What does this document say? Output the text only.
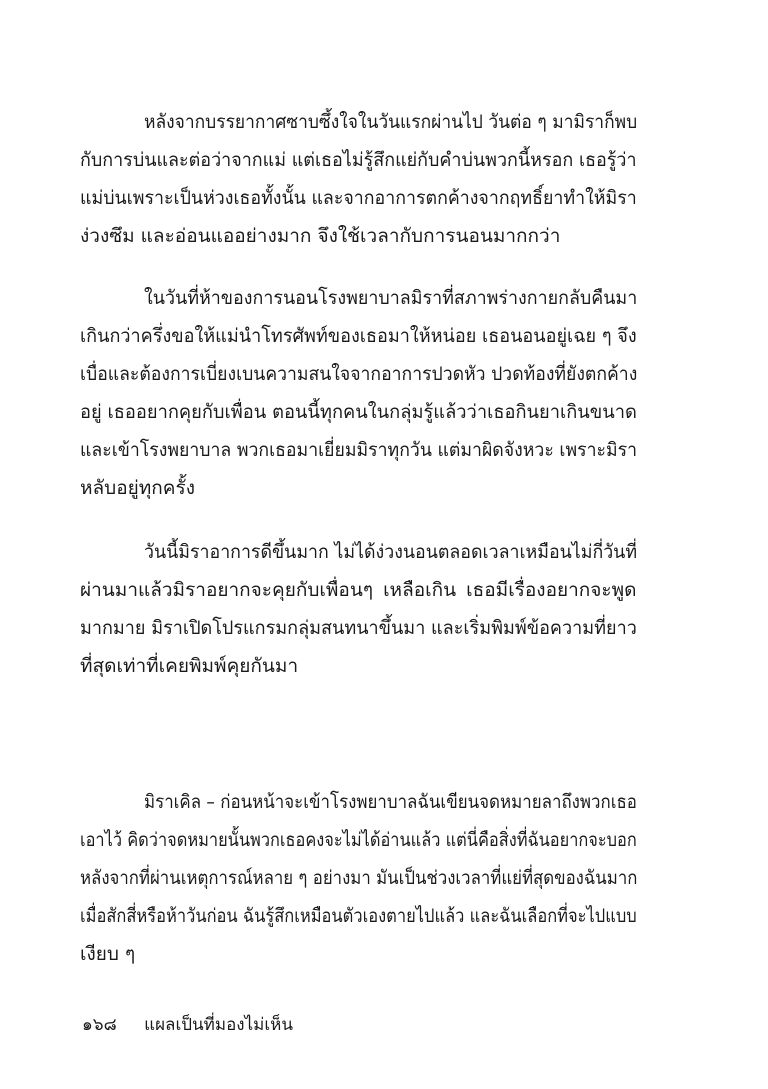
หลังจากบรรยากาศซาบซึ้งใจในวันแรกผ่านไป วันต่อ ๆ มามิราก็พบ

กับการบ่นและต่อว่าจากแม่ แต่เธอไม่รู้สึกแย่กับคำบ่นพวกนี้หรอก เธอรู้ว่า

แม่บ่นเพราะเป็นห่วงเธอทั้งนั้น และจากอาการตกค้างจากฤทธิ์ยาทำให้มิรา

ง่วงซึม และอ่อนแออย่างมาก จึงใช้เวลากับการนอนมากกว่า

ในวันที่ห้าของการนอนโรงพยาบาลมิราที่สภาพร่างกายกลับคืนมา

เกินกว่าครึ่งขอให้แม่นำโทรศัพท์ของเธอมาให้หน่อย เธอนอนอยู่เฉย ๆ จึง

เบื่อและต้องการเบี่ยงเบนความสนใจจากอาการปวดหัว ปวดท้องที่ยังตกค้าง

อยู่ เธออยากคุยกับเพื่อน ตอนนี้ทุกคนในกลุ่มรู้แล้วว่าเธอกินยาเกินขนาด

และเข้าโรงพยาบาล พวกเธอมาเยี่ยมมิราทุกวัน แต่มาผิดจังหวะ เพราะมิรา

หลับอยู่ทุกครั้ง

วันนี้มิราอาการดีขึ้นมาก ไม่ได้ง่วงนอนตลอดเวลาเหมือนไม่กี่วันที่

ผ่านมาแล้วมิราอยากจะคุยกับเพื่อนๆ เหลือเกิน เธอมีเรื่องอยากจะพูด

มากมาย มิราเปิดโปรแกรมกลุ่มสนทนาขึ้นมา และเริ่มพิมพ์ข้อความที่ยาว

ที่สุดเท่าที่เคยพิมพ์คุยกันมา

มิราเคิล – ก่อนหน้าจะเข้าโรงพยาบาลฉันเขียนจดหมายลาถึงพวกเธอ

เอาไว้ คิดว่าจดหมายนั้นพวกเธอคงจะไม่ได้อ่านแล้ว แต่นี่คือสิ่งที่ฉันอยากจะบอก

หลังจากที่ผ่านเหตุการณ์หลาย ๆ อย่างมา มันเป็นช่วงเวลาที่แย่ที่สุดของฉันมาก

เมื่อสักสี่หรือห้าวันก่อน ฉันรู้สึกเหมือนตัวเองตายไปแล้ว และฉันเลือกที่จะไปแบบ

เงียบ ๆ

๑๖๘ แผลเป็นที่มองไม่เห็น
